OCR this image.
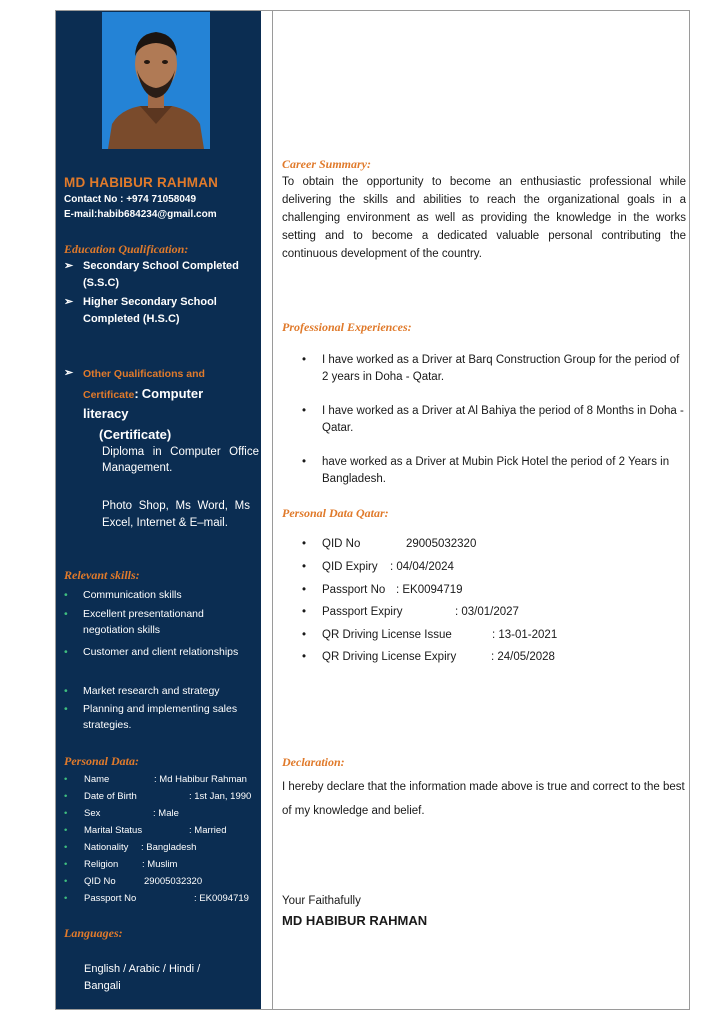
MD HABIBUR RAHMAN
Contact No : +974 71058049
E-mail:habib684234@gmail.com
Education Qualification:
➢ Secondary School Completed (S.S.C)
➢ Higher Secondary School Completed (H.S.C)
➢ Other Qualifications and Certificate: Computer
literacy
(Certificate)
Diploma in Computer Office Management.
Photo Shop, Ms Word, Ms Excel, Internet & E–mail.
Relevant skills:
• Communication skills
• Excellent presentationand negotiation skills
• Customer and client relationships
• Market research and strategy
• Planning and implementing sales strategies.
Personal Data:
• Name	: Md Habibur Rahman
• Date of Birth	: 1st Jan, 1990
• Sex	: Male
• Marital Status	: Married
• Nationality : Bangladesh
• Religion : Muslim
• QID No	29005032320
• Passport No	: EK0094719
Languages:
English / Arabic / Hindi / Bangali
Career Summary:
To obtain the opportunity to become an enthusiastic professional while delivering the skills and abilities to reach the organizational goals in a challenging environment as well as providing the knowledge in the works setting and to become a dedicated valuable personal contributing the continuous development of the country.
Professional Experiences:
• I have worked as a Driver at Barq Construction Group for the period of 2 years in Doha - Qatar.
• I have worked as a Driver at Al Bahiya the period of 8 Months in Doha - Qatar.
• have worked as a Driver at Mubin Pick Hotel the period of 2 Years in Bangladesh.
Personal Data Qatar:
• QID No	29005032320
• QID Expiry : 04/04/2024
• Passport No : EK0094719
• Passport Expiry	: 03/01/2027
• QR Driving License Issue	: 13-01-2021
• QR Driving License Expiry	: 24/05/2028
Declaration:
I hereby declare that the information made above is true and correct to the best of my knowledge and belief.
Your Faithafully
MD HABIBUR RAHMAN
